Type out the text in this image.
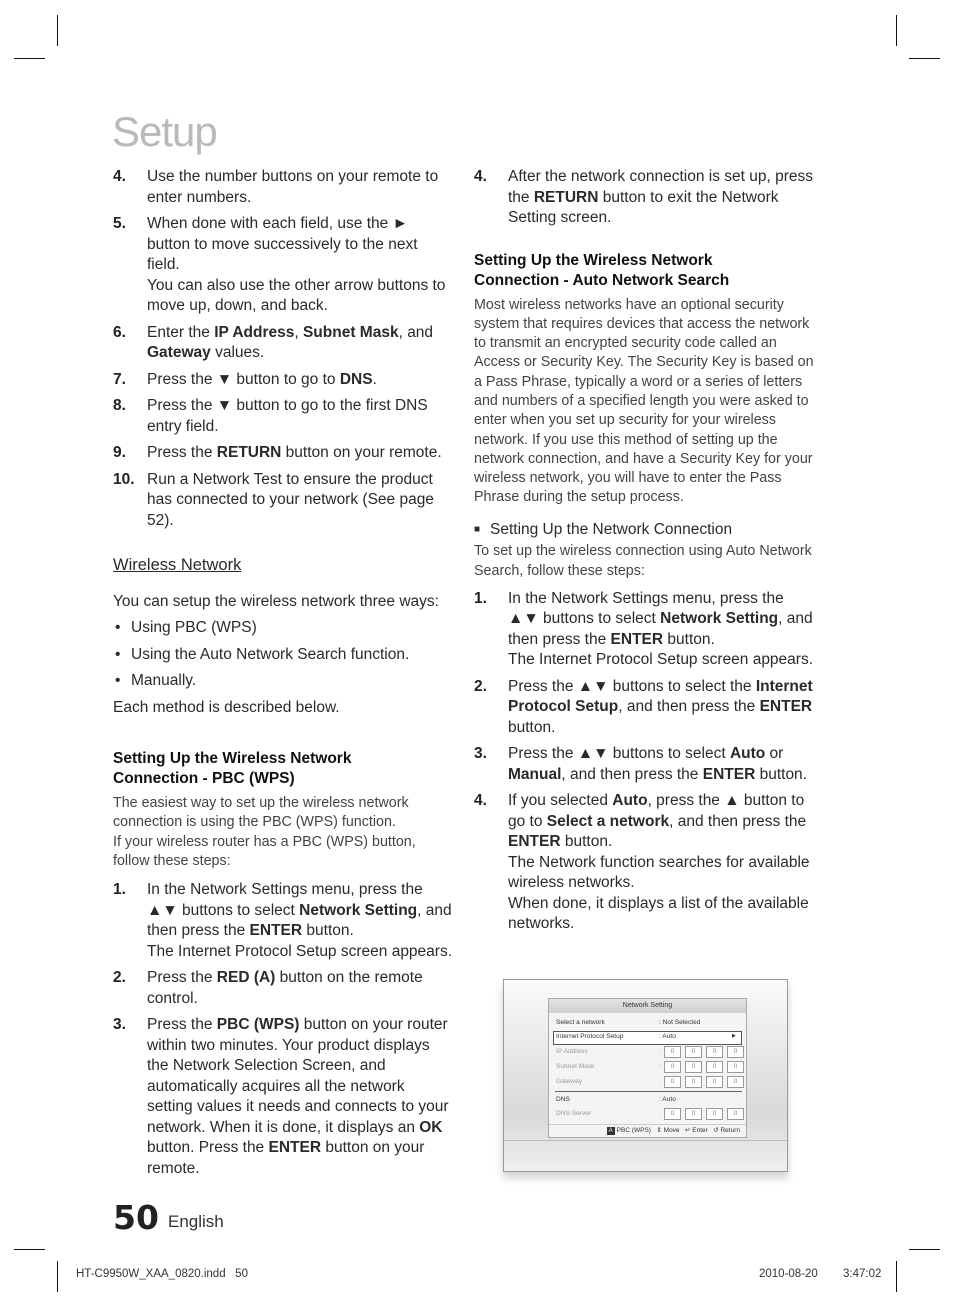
Setup
4.	Use the number buttons on your remote to enter numbers.
5.	When done with each field, use the ► button to move successively to the next field.
You can also use the other arrow buttons to move up, down, and back.
6.	Enter the IP Address, Subnet Mask, and Gateway values.
7.	Press the ▼ button to go to DNS.
8.	Press the ▼ button to go to the first DNS entry field.
9.	Press the RETURN button on your remote.
10. Run a Network Test to ensure the product has connected to your network (See page 52).
Wireless Network
You can setup the wireless network three ways:
• Using PBC (WPS)
• Using the Auto Network Search function.
• Manually.
Each method is described below.
Setting Up the Wireless Network
Connection - PBC (WPS)
The easiest way to set up the wireless network connection is using the PBC (WPS) function.
If your wireless router has a PBC (WPS) button, follow these steps:
1.	In the Network Settings menu, press the ▲▼ buttons to select Network Setting, and then press the ENTER button.
The Internet Protocol Setup screen appears.
2.	Press the RED (A) button on the remote control.
3.	Press the PBC (WPS) button on your router within two minutes. Your product displays the Network Selection Screen, and automatically acquires all the network setting values it needs and connects to your network. When it is done, it displays an OK button. Press the ENTER button on your remote.
4.	After the network connection is set up, press the RETURN button to exit the Network Setting screen.
Setting Up the Wireless Network
Connection - Auto Network Search
Most wireless networks have an optional security system that requires devices that access the network to transmit an encrypted security code called an Access or Security Key. The Security Key is based on a Pass Phrase, typically a word or a series of letters and numbers of a specified length you were asked to enter when you set up security for your wireless network. If you use this method of setting up the network connection, and have a Security Key for your wireless network, you will have to enter the Pass Phrase during the setup process.
■ Setting Up the Network Connection
To set up the wireless connection using Auto Network Search, follow these steps:
1.	In the Network Settings menu, press the ▲▼ buttons to select Network Setting, and then press the ENTER button.
The Internet Protocol Setup screen appears.
2.	Press the ▲▼ buttons to select the Internet Protocol Setup, and then press the ENTER button.
3.	Press the ▲▼ buttons to select Auto or Manual, and then press the ENTER button.
4.	If you selected Auto, press the ▲ button to go to Select a network, and then press the ENTER button.
The Network function searches for available wireless networks.
When done, it displays a list of the available networks.
Network Setting
Select a network	: Not Selected
Internet Protocol Setup	: Auto	▶
IP Address	:	0	0	0	0
Subnet Mask	:	0	0	0	0
Gateway	:	0	0	0	0
DNS	: Auto
DNS Server	:	0	0	0	0
A PBC (WPS) ⇕ Move ↵ Enter ↺ Return
50 English
HT-C9950W_XAA_0820.indd   50	2010-08-20 3:47:02
